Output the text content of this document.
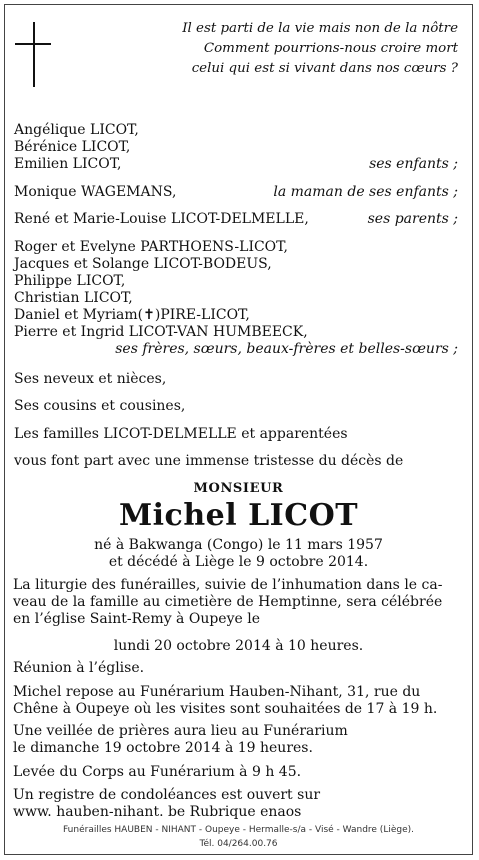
Il est parti de la vie mais non de la nôtre
Comment pourrions-nous croire mort
celui qui est si vivant dans nos cœurs ?
Angélique LICOT,
Bérénice LICOT,
Emilien LICOT,	ses enfants ;
Monique WAGEMANS,	la maman de ses enfants ;
René et Marie-Louise LICOT-DELMELLE,	ses parents ;
Roger et Evelyne PARTHOENS-LICOT,
Jacques et Solange LICOT-BODEUS,
Philippe LICOT,
Christian LICOT,
Daniel et Myriam(✝)PIRE-LICOT,
Pierre et Ingrid LICOT-VAN HUMBEECK,
ses frères, sœurs, beaux-frères et belles-sœurs ;
Ses neveux et nièces,
Ses cousins et cousines,
Les familles LICOT-DELMELLE et apparentées
vous font part avec une immense tristesse du décès de
MONSIEUR
Michel LICOT
né à Bakwanga (Congo) le 11 mars 1957
et décédé à Liège le 9 octobre 2014.
La liturgie des funérailles, suivie de l’inhumation dans le ca-
veau de la famille au cimetière de Hemptinne, sera célébrée
en l’église Saint-Remy à Oupeye le
lundi 20 octobre 2014 à 10 heures.
Réunion à l’église.
Michel repose au Funérarium Hauben-Nihant, 31, rue du
Chêne à Oupeye où les visites sont souhaitées de 17 à 19 h.
Une veillée de prières aura lieu au Funérarium
le dimanche 19 octobre 2014 à 19 heures.
Levée du Corps au Funérarium à 9 h 45.
Un registre de condoléances est ouvert sur
www. hauben-nihant. be Rubrique enaos
Funérailles HAUBEN - NIHANT - Oupeye - Hermalle-s/a - Visé - Wandre (Liège).
Tél. 04/264.00.76
